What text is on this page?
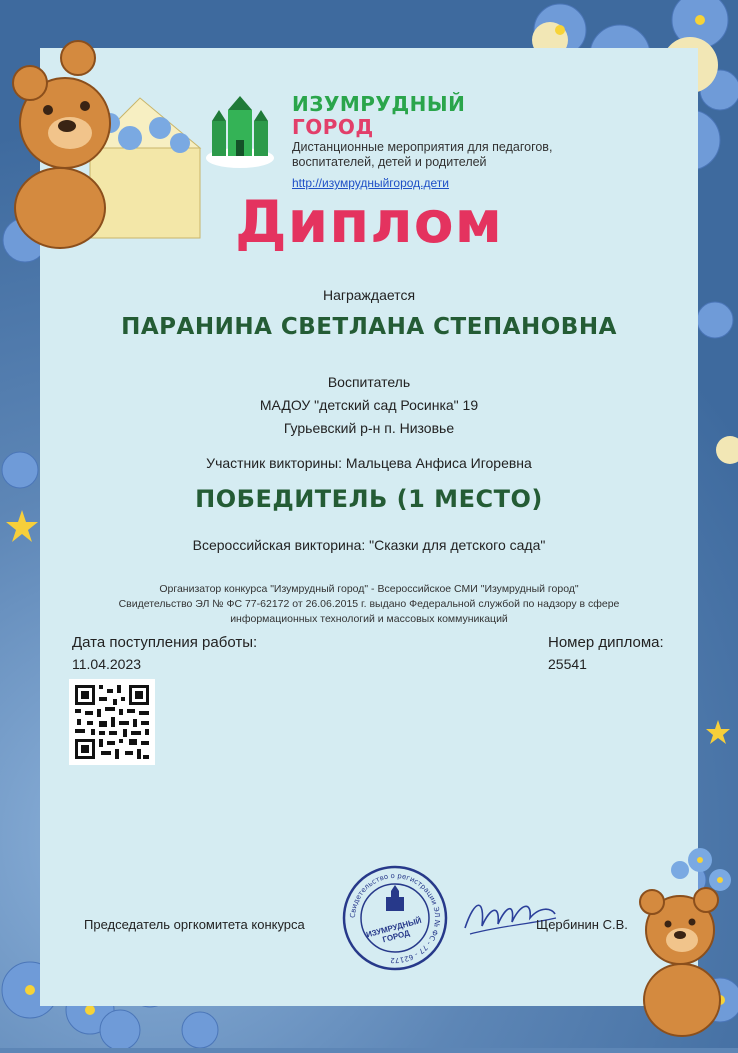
ИЗУМРУДНЫЙ
ГОРОД
Дистанционные мероприятия для педагогов, воспитателей, детей и родителей
http://изумрудныйгород.дети
Диплом
Награждается
ПАРАНИНА СВЕТЛАНА СТЕПАНОВНА
Воспитатель
МАДОУ "детский сад Росинка" 19
Гурьевский р-н п. Низовье
Участник викторины: Мальцева Анфиса Игоревна
ПОБЕДИТЕЛЬ (1 МЕСТО)
Всероссийская викторина: "Сказки для детского сада"
Организатор конкурса "Изумрудный город" - Всероссийское СМИ "Изумрудный город"
Свидетельство ЭЛ № ФС 77-62172 от 26.06.2015 г. выдано Федеральной службой по надзору в сфере
информационных технологий и массовых коммуникаций
Дата поступления работы:
11.04.2023
Номер диплома:
25541
Председатель оргкомитета конкурса
Свидетельство о регистрации ЭЛ № ФС - 77 - 62172
ИЗУМРУДНЫЙ ГОРОД
Щербинин С.В.
